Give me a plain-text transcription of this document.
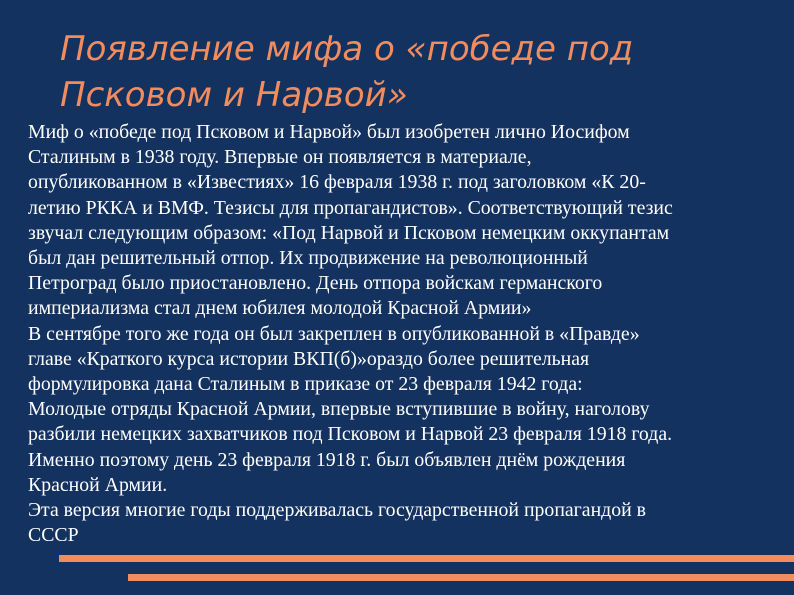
Появление мифа о «победе под
Псковом и Нарвой»
Миф о «победе под Псковом и Нарвой» был изобретен лично Иосифом
Сталиным в 1938 году. Впервые он появляется в материале,
опубликованном в «Известиях» 16 февраля 1938 г. под заголовком «К 20-
летию РККА и ВМФ. Тезисы для пропагандистов». Соответствующий тезис
звучал следующим образом: «Под Нарвой и Псковом немецким оккупантам
был дан решительный отпор. Их продвижение на революционный
Петроград было приостановлено. День отпора войскам германского
империализма стал днем юбилея молодой Красной Армии»
В сентябре того же года он был закреплен в опубликованной в «Правде»
главе «Краткого курса истории ВКП(б)»оразд​о более решительная
формулировка дана Сталиным в приказе от 23 февраля 1942 года:
Молодые отряды Красной Армии, впервые вступившие в войну, наголову
разбили немецких захватчиков под Псковом и Нарвой 23 февраля 1918 года.
Именно поэтому день 23 февраля 1918 г. был объявлен днём рождения
Красной Армии.
Эта версия многие годы поддерживалась государственной пропагандой в
СССР
